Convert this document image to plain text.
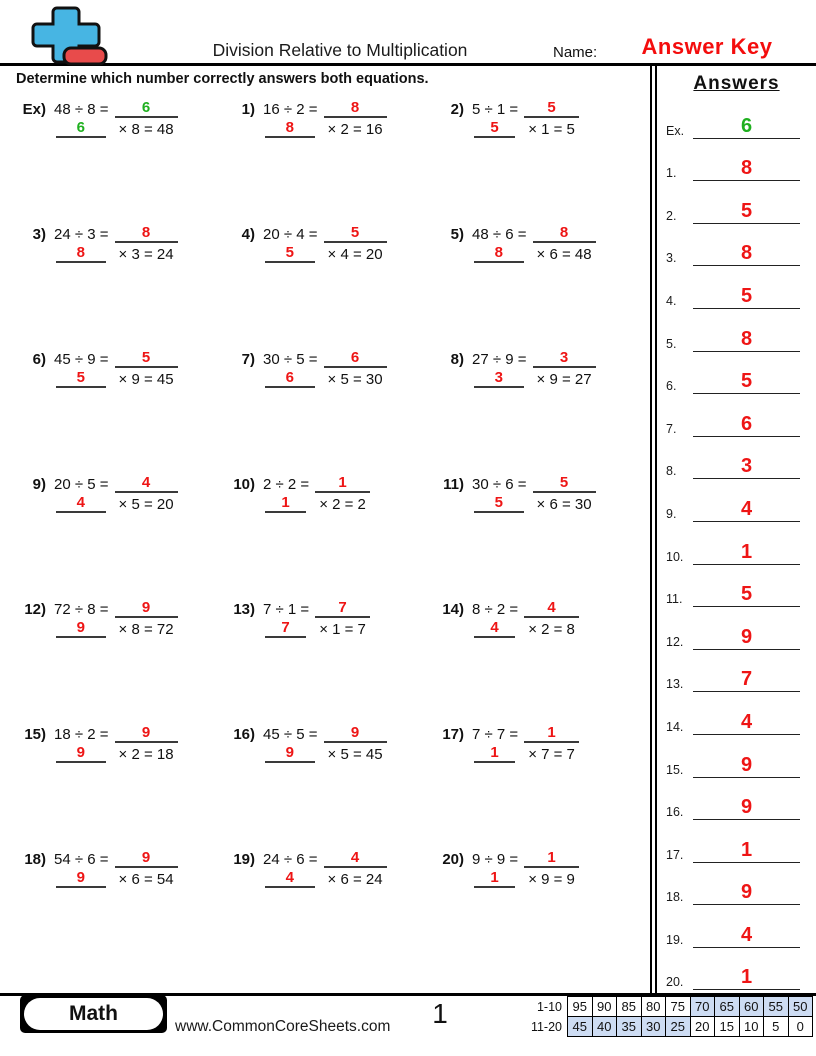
Division Relative to Multiplication	Name:	Answer Key
Determine which number correctly answers both equations.
Ex) 48 ÷ 8 =	6
6	× 8 = 48
1) 16 ÷ 2 =	8
8	× 2 = 16
2) 5 ÷ 1 =	5
5	× 1 = 5
3) 24 ÷ 3 =	8
8	× 3 = 24
4) 20 ÷ 4 =	5
5	× 4 = 20
5) 48 ÷ 6 =	8
8	× 6 = 48
6) 45 ÷ 9 =	5
5	× 9 = 45
7) 30 ÷ 5 =	6
6	× 5 = 30
8) 27 ÷ 9 =	3
3	× 9 = 27
9) 20 ÷ 5 =	4
4	× 5 = 20
10) 2 ÷ 2 =	1
1	× 2 = 2
11) 30 ÷ 6 =	5
5	× 6 = 30
12) 72 ÷ 8 =	9
9	× 8 = 72
13) 7 ÷ 1 =	7
7	× 1 = 7
14) 8 ÷ 2 =	4
4	× 2 = 8
15) 18 ÷ 2 =	9
9	× 2 = 18
16) 45 ÷ 5 =	9
9	× 5 = 45
17) 7 ÷ 7 =	1
1	× 7 = 7
18) 54 ÷ 6 =	9
9	× 6 = 54
19) 24 ÷ 6 =	4
4	× 6 = 24
20) 9 ÷ 9 =	1
1	× 9 = 9
Answers
Ex.	6
1.	8
2.	5
3.	8
4.	5
5.	8
6.	5
7.	6
8.	3
9.	4
10.	1
11.	5
12.	9
13.	7
14.	4
15.	9
16.	9
17.	1
18.	9
19.	4
20.	1
Math
www.CommonCoreSheets.com	1	1-10	95	90	85	80	75	70	65	60	55	50
11-20	45	40	35	30	25	20	15	10	5	0
